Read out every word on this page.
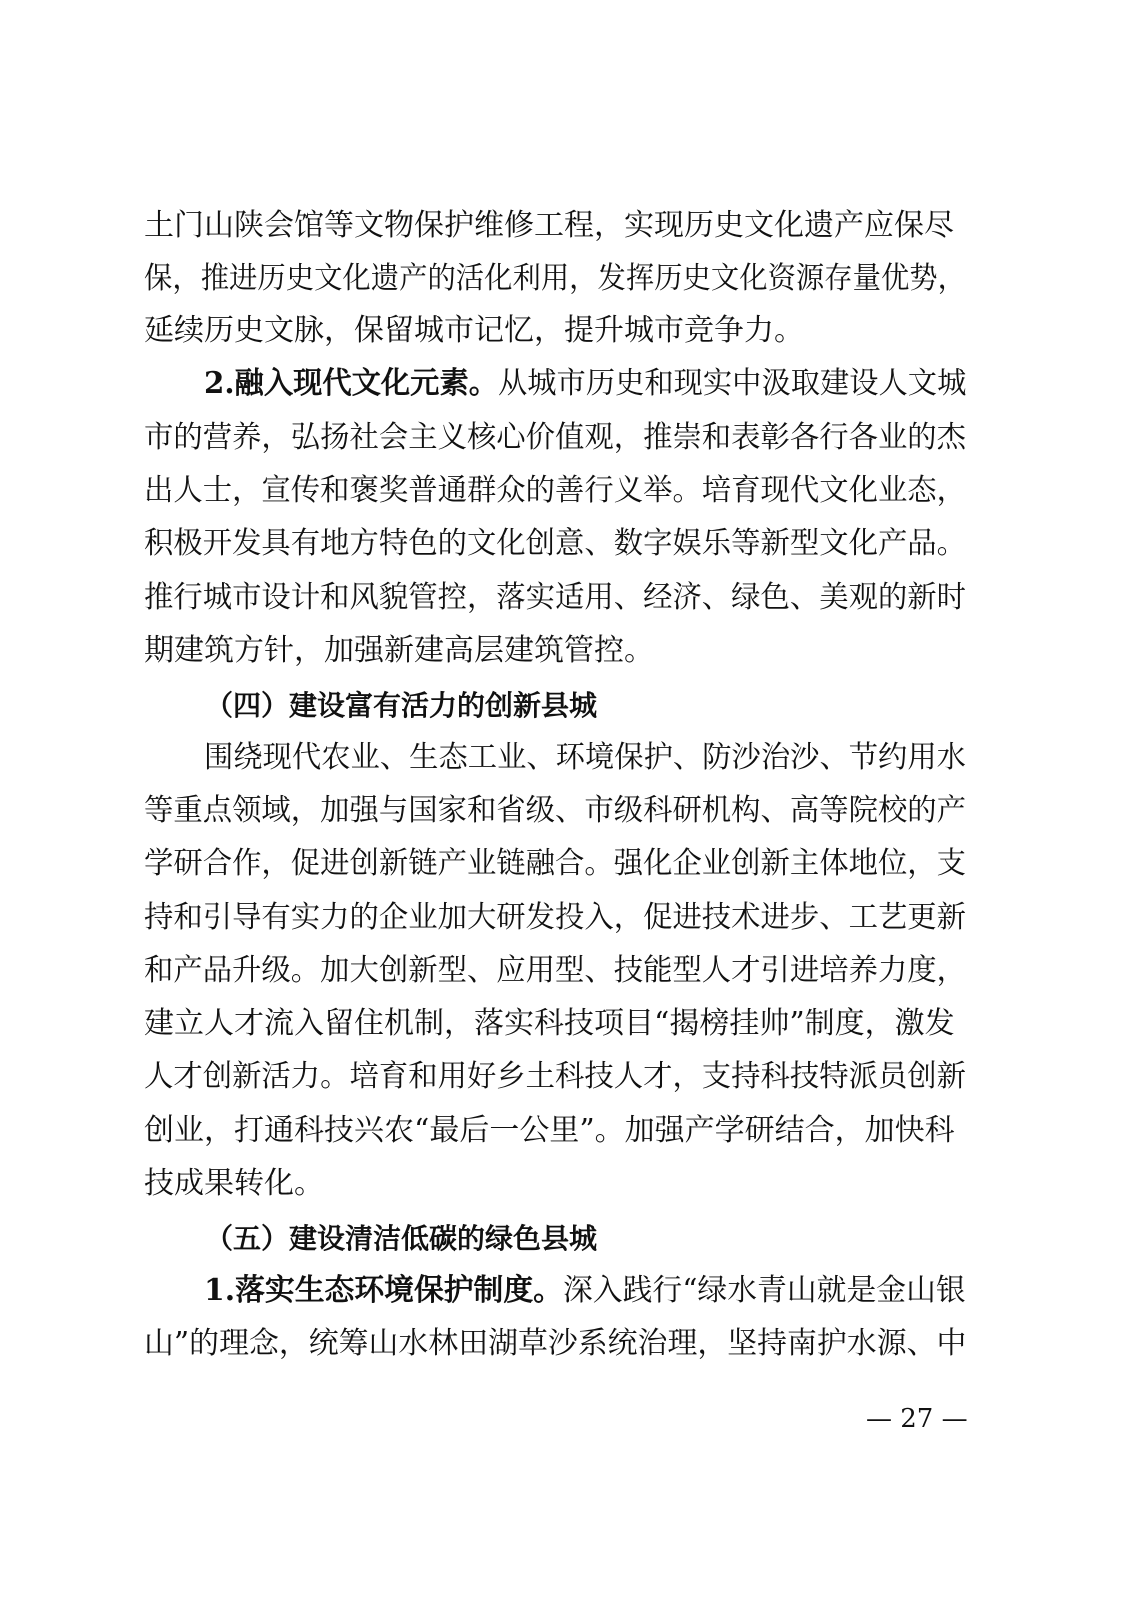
土门山陕会馆等文物保护维修工程，实现历史文化遗产应保尽
保，推进历史文化遗产的活化利用，发挥历史文化资源存量优势，
延续历史文脉，保留城市记忆，提升城市竞争力。
2.融入现代文化元素。从城市历史和现实中汲取建设人文城
市的营养，弘扬社会主义核心价值观，推崇和表彰各行各业的杰
出人士，宣传和褒奖普通群众的善行义举。培育现代文化业态，
积极开发具有地方特色的文化创意、数字娱乐等新型文化产品。
推行城市设计和风貌管控，落实适用、经济、绿色、美观的新时
期建筑方针，加强新建高层建筑管控。
（四）建设富有活力的创新县城
围绕现代农业、生态工业、环境保护、防沙治沙、节约用水
等重点领域，加强与国家和省级、市级科研机构、高等院校的产
学研合作，促进创新链产业链融合。强化企业创新主体地位，支
持和引导有实力的企业加大研发投入，促进技术进步、工艺更新
和产品升级。加大创新型、应用型、技能型人才引进培养力度，
建立人才流入留住机制，落实科技项目“揭榜挂帅”制度，激发
人才创新活力。培育和用好乡土科技人才，支持科技特派员创新
创业，打通科技兴农“最后一公里”。加强产学研结合，加快科
技成果转化。
（五）建设清洁低碳的绿色县城
1.落实生态环境保护制度。深入践行“绿水青山就是金山银
山”的理念，统筹山水林田湖草沙系统治理，坚持南护水源、中
— 27 —
